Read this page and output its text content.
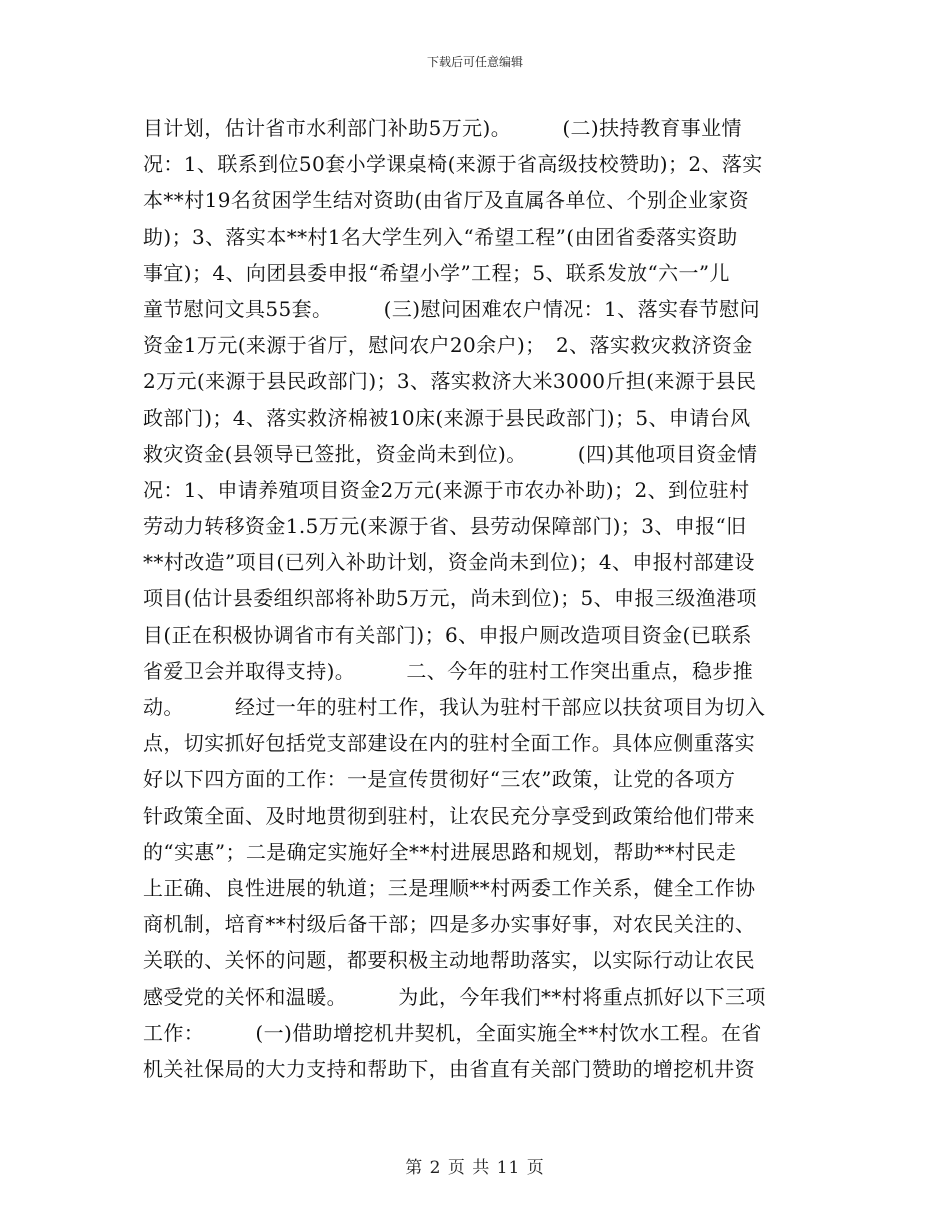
下载后可任意编辑
目计划，估计省市水利部门补助5万元)。　　　(二)扶持教育事业情
况：1、联系到位50套小学课桌椅(来源于省高级技校赞助)；2、落实
本**村19名贫困学生结对资助(由省厅及直属各单位、个别企业家资
助)；3、落实本**村1名大学生列入“希望工程”(由团省委落实资助
事宜)；4、向团县委申报“希望小学”工程；5、联系发放“六一”儿
童节慰问文具55套。　　　(三)慰问困难农户情况：1、落实春节慰问
资金1万元(来源于省厅，慰问农户20余户)；　2、落实救灾救济资金
2万元(来源于县民政部门)；3、落实救济大米3000斤担(来源于县民
政部门)；4、落实救济棉被10床(来源于县民政部门)；5、申请台风
救灾资金(县领导已签批，资金尚未到位)。　　　(四)其他项目资金情
况：1、申请养殖项目资金2万元(来源于市农办补助)；2、到位驻村
劳动力转移资金1.5万元(来源于省、县劳动保障部门)；3、申报“旧
**村改造”项目(已列入补助计划，资金尚未到位)；4、申报村部建设
项目(估计县委组织部将补助5万元，尚未到位)；5、申报三级渔港项
目(正在积极协调省市有关部门)；6、申报户厕改造项目资金(已联系
省爱卫会并取得支持)。　　　二、今年的驻村工作突出重点，稳步推
动。　　　经过一年的驻村工作，我认为驻村干部应以扶贫项目为切入
点，切实抓好包括党支部建设在内的驻村全面工作。具体应侧重落实
好以下四方面的工作：一是宣传贯彻好“三农”政策，让党的各项方
针政策全面、及时地贯彻到驻村，让农民充分享受到政策给他们带来
的“实惠”；二是确定实施好全**村进展思路和规划，帮助**村民走
上正确、良性进展的轨道；三是理顺**村两委工作关系，健全工作协
商机制，培育**村级后备干部；四是多办实事好事，对农民关注的、
关联的、关怀的问题，都要积极主动地帮助落实，以实际行动让农民
感受党的关怀和温暖。　　　为此，今年我们**村将重点抓好以下三项
工作：　　　(一)借助增挖机井契机，全面实施全**村饮水工程。在省
机关社保局的大力支持和帮助下，由省直有关部门赞助的增挖机井资
第 2 页 共 11 页
